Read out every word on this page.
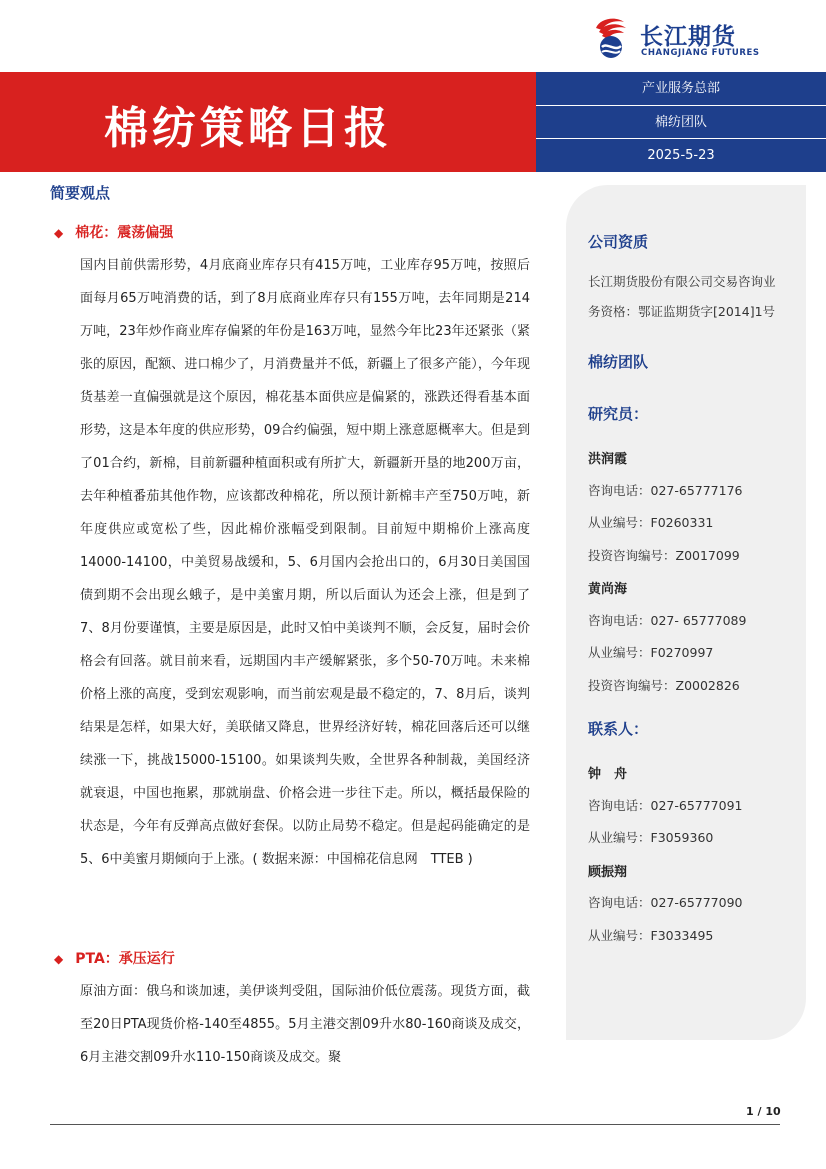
长江期货
CHANGJIANG FUTURES
棉纺策略日报
产业服务总部
棉纺团队
2025-5-23
简要观点
◆ 棉花：震荡偏强
国内目前供需形势，4月底商业库存只有415万吨，工业库存95万吨，按照后面每月65万吨消费的话，到了8月底商业库存只有155万吨，去年同期是214万吨，23年炒作商业库存偏紧的年份是163万吨，显然今年比23年还紧张（紧张的原因，配额、进口棉少了，月消费量并不低，新疆上了很多产能），今年现货基差一直偏强就是这个原因，棉花基本面供应是偏紧的，涨跌还得看基本面形势，这是本年度的供应形势，09合约偏强，短中期上涨意愿概率大。但是到了01合约，新棉，目前新疆种植面积或有所扩大，新疆新开垦的地200万亩，去年种植番茄其他作物，应该都改种棉花，所以预计新棉丰产至750万吨，新年度供应或宽松了些，因此棉价涨幅受到限制。目前短中期棉价上涨高度14000-14100，中美贸易战缓和，5、6月国内会抢出口的，6月30日美国国债到期不会出现幺蛾子，是中美蜜月期，所以后面认为还会上涨，但是到了7、8月份要谨慎，主要是原因是，此时又怕中美谈判不顺，会反复，届时会价格会有回落。就目前来看，远期国内丰产缓解紧张，多个50-70万吨。未来棉价格上涨的高度，受到宏观影响，而当前宏观是最不稳定的，7、8月后，谈判结果是怎样，如果大好，美联储又降息，世界经济好转，棉花回落后还可以继续涨一下，挑战15000-15100。如果谈判失败，全世界各种制裁，美国经济就衰退，中国也拖累，那就崩盘、价格会进一步往下走。所以，概括最保险的状态是，今年有反弹高点做好套保。以防止局势不稳定。但是起码能确定的是5、6中美蜜月期倾向于上涨。( 数据来源：中国棉花信息网　TTEB )
◆ PTA：承压运行
原油方面：俄乌和谈加速，美伊谈判受阻，国际油价低位震荡。现货方面，截至20日PTA现货价格-140至4855。5月主港交割09升水80-160商谈及成交，6月主港交割09升水110-150商谈及成交。聚
公司资质
长江期货股份有限公司交易咨询业
务资格：鄂证监期货字[2014]1号
棉纺团队
研究员：
洪润霞
咨询电话：027-65777176
从业编号：F0260331
投资咨询编号：Z0017099
黄尚海
咨询电话：027- 65777089
从业编号：F0270997
投资咨询编号：Z0002826
联系人：
钟　舟
咨询电话：027-65777091
从业编号：F3059360
顾振翔
咨询电话：027-65777090
从业编号：F3033495
1 / 10
